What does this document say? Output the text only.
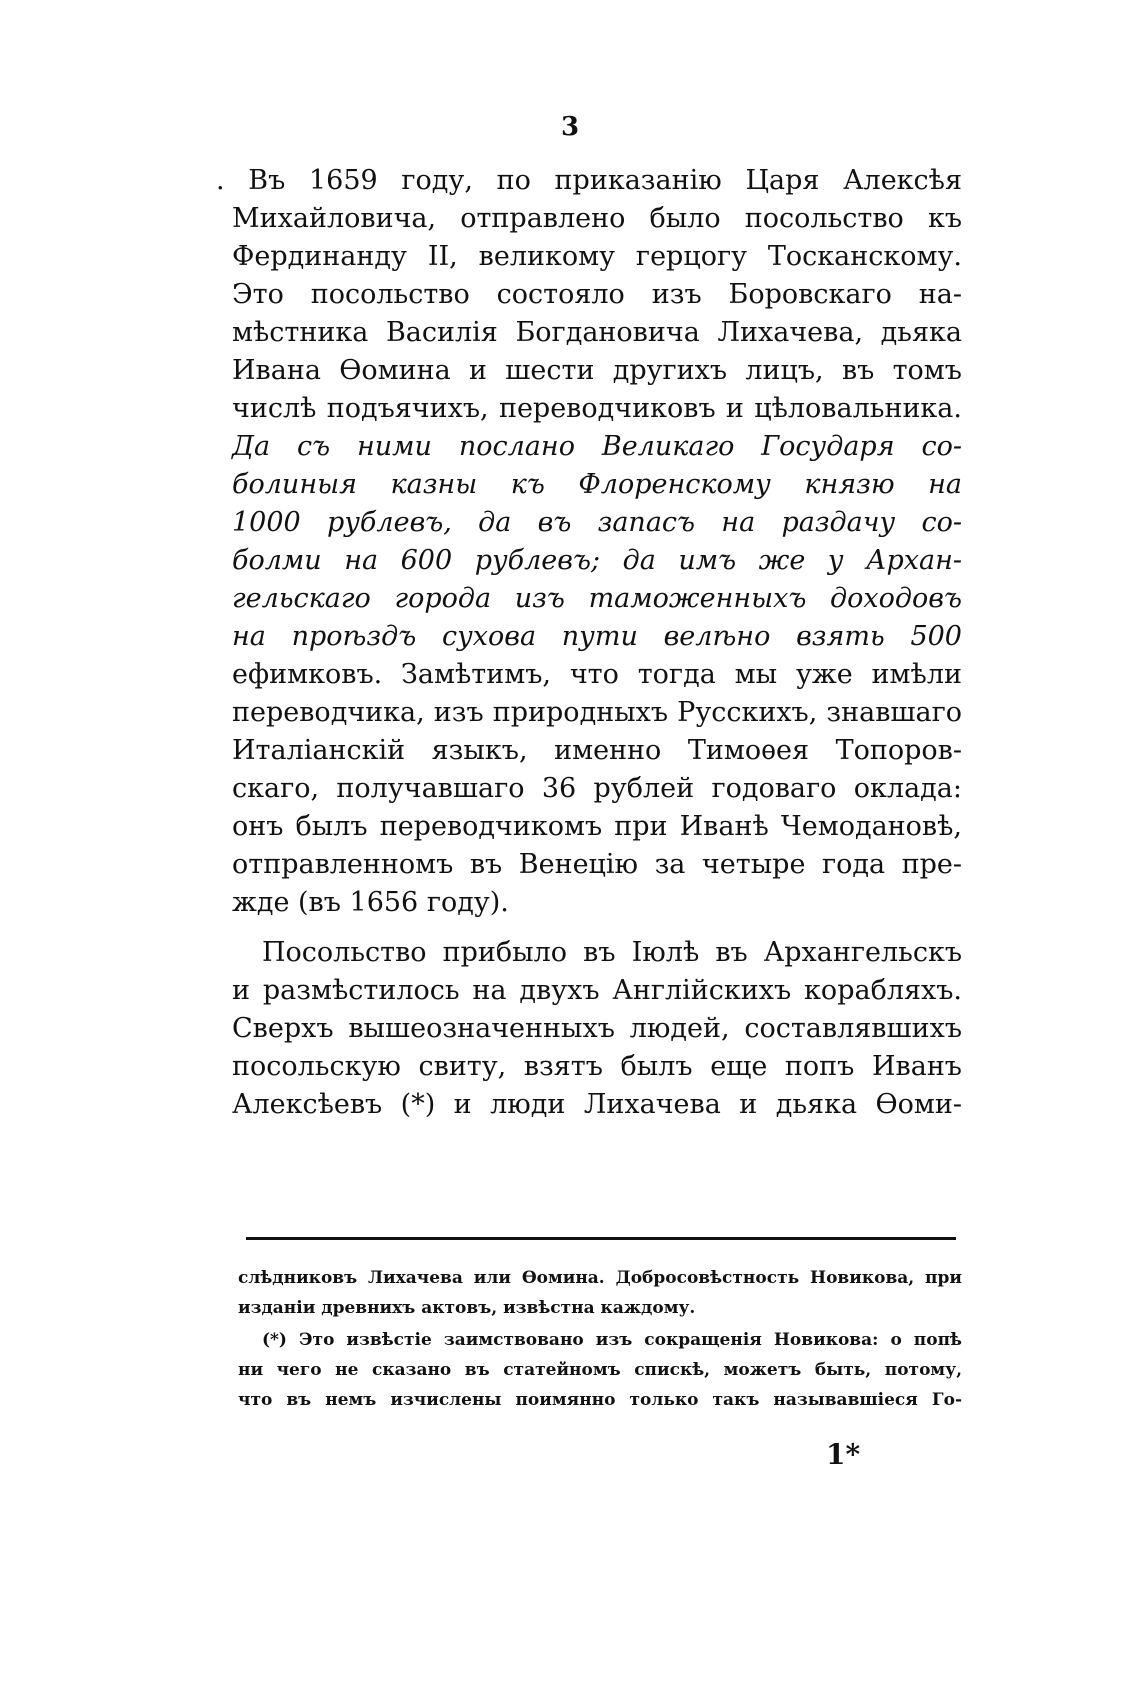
3
. Въ 1659 году, по приказанію Царя Алексѣя
Михайловича, отправлено было посольство къ
Фердинанду II, великому герцогу Тосканскому.
Это посольство состояло изъ Боровскаго на-
мѣстника Василія Богдановича Лихачева, дьяка
Ивана Ѳомина и шести другихъ лицъ, въ томъ
числѣ подъячихъ, переводчиковъ и цѣловальника.
Да съ ними послано Великаго Государя со-
болиныя казны къ Флоренскому князю на
1000 рублевъ, да въ запасъ на раздачу со-
болми на 600 рублевъ; да имъ же у Архан-
гельскаго города изъ таможенныхъ доходовъ
на проѣздъ сухова пути велѣно взять 500
ефимковъ. Замѣтимъ, что тогда мы уже имѣли
переводчика, изъ природныхъ Русскихъ, знавшаго
Италіанскій языкъ, именно Тимоѳея Топоров-
скаго, получавшаго 36 рублей годоваго оклада:
онъ былъ переводчикомъ при Иванѣ Чемодановѣ,
отправленномъ въ Венецію за четыре года пре-
жде (въ 1656 году).
Посольство прибыло въ Іюлѣ въ Архангельскъ
и размѣстилось на двухъ Англійскихъ корабляхъ.
Сверхъ вышеозначенныхъ людей, составлявшихъ
посольскую свиту, взятъ былъ еще попъ Иванъ
Алексѣевъ (*) и люди Лихачева и дьяка Ѳоми-
слѣдниковъ Лихачева или Ѳомина. Добросовѣстность Новикова, при
изданіи древнихъ актовъ, извѣстна каждому.
(*) Это извѣстіе заимствовано изъ сокращенія Новикова: о попѣ
ни чего не сказано въ статейномъ спискѣ, можетъ быть, потому,
что въ немъ изчислены поимянно только такъ называвшіеся Го-
1*
